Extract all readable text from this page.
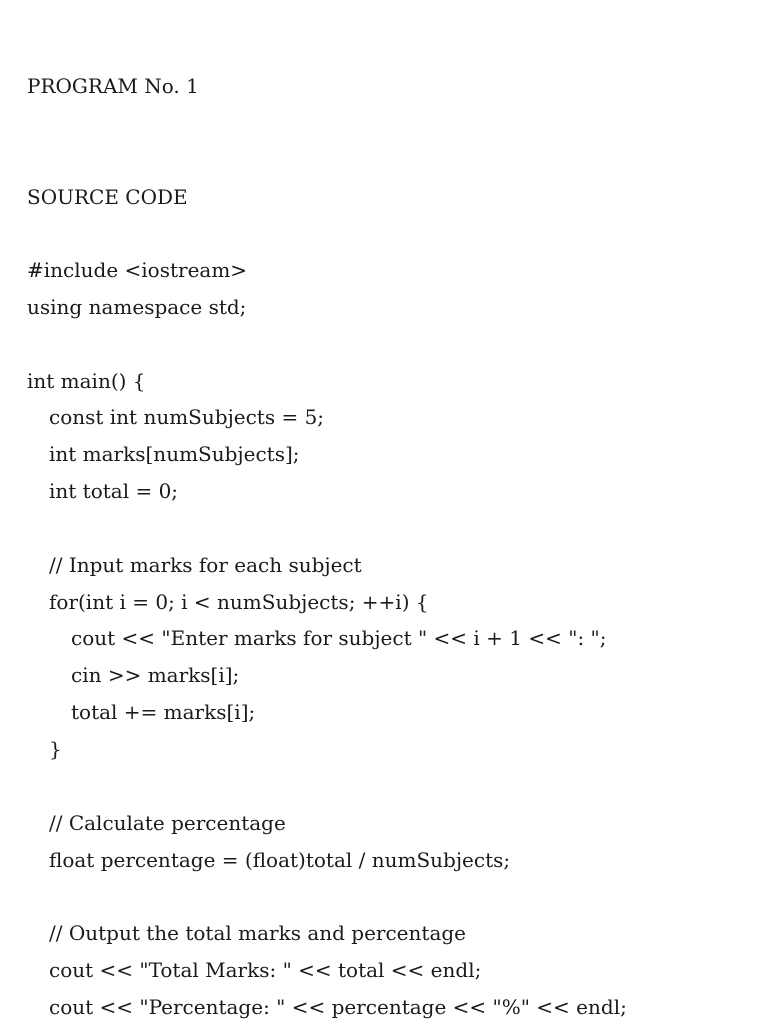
PROGRAM No. 1
SOURCE CODE
#include <iostream>
using namespace std;
int main() {
const int numSubjects = 5;
int marks[numSubjects];
int total = 0;
// Input marks for each subject
for(int i = 0; i < numSubjects; ++i) {
cout << "Enter marks for subject " << i + 1 << ": ";
cin >> marks[i];
total += marks[i];
}
// Calculate percentage
float percentage = (float)total / numSubjects;
// Output the total marks and percentage
cout << "Total Marks: " << total << endl;
cout << "Percentage: " << percentage << "%" << endl;
